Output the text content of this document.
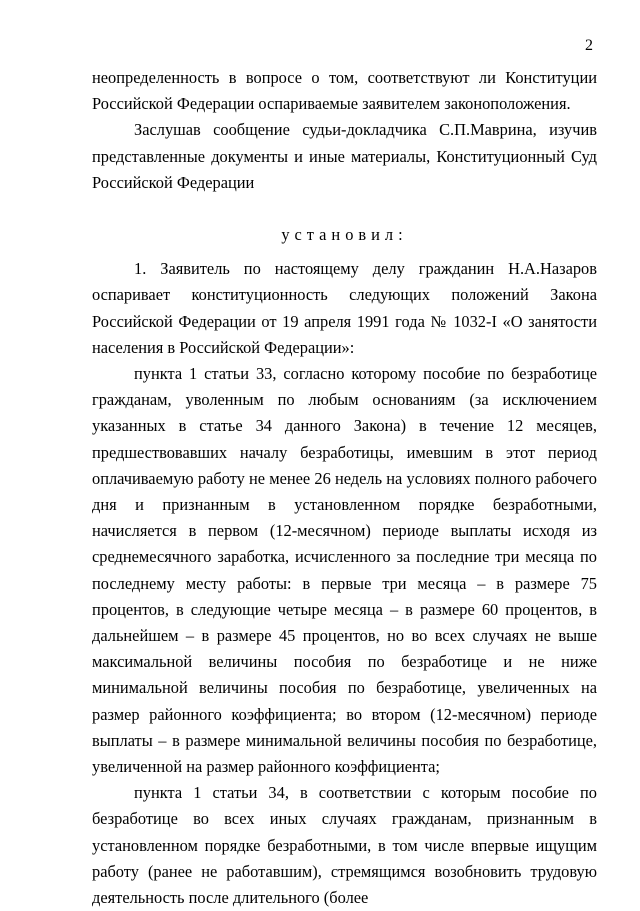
2

неопределенность в вопросе о том, соответствуют ли Конституции Российской Федерации оспариваемые заявителем законоположения.

Заслушав сообщение судьи-докладчика С.П.Маврина, изучив представленные документы и иные материалы, Конституционный Суд Российской Федерации

установил:

1. Заявитель по настоящему делу гражданин Н.А.Назаров оспаривает конституционность следующих положений Закона Российской Федерации от 19 апреля 1991 года № 1032-I «О занятости населения в Российской Федерации»:

пункта 1 статьи 33, согласно которому пособие по безработице гражданам, уволенным по любым основаниям (за исключением указанных в статье 34 данного Закона) в течение 12 месяцев, предшествовавших началу безработицы, имевшим в этот период оплачиваемую работу не менее 26 недель на условиях полного рабочего дня и признанным в установленном порядке безработными, начисляется в первом (12-месячном) периоде выплаты исходя из среднемесячного заработка, исчисленного за последние три месяца по последнему месту работы: в первые три месяца – в размере 75 процентов, в следующие четыре месяца – в размере 60 процентов, в дальнейшем – в размере 45 процентов, но во всех случаях не выше максимальной величины пособия по безработице и не ниже минимальной величины пособия по безработице, увеличенных на размер районного коэффициента; во втором (12-месячном) периоде выплаты – в размере минимальной величины пособия по безработице, увеличенной на размер районного коэффициента;

пункта 1 статьи 34, в соответствии с которым пособие по безработице во всех иных случаях гражданам, признанным в установленном порядке безработными, в том числе впервые ищущим работу (ранее не работавшим), стремящимся возобновить трудовую деятельность после длительного (более
